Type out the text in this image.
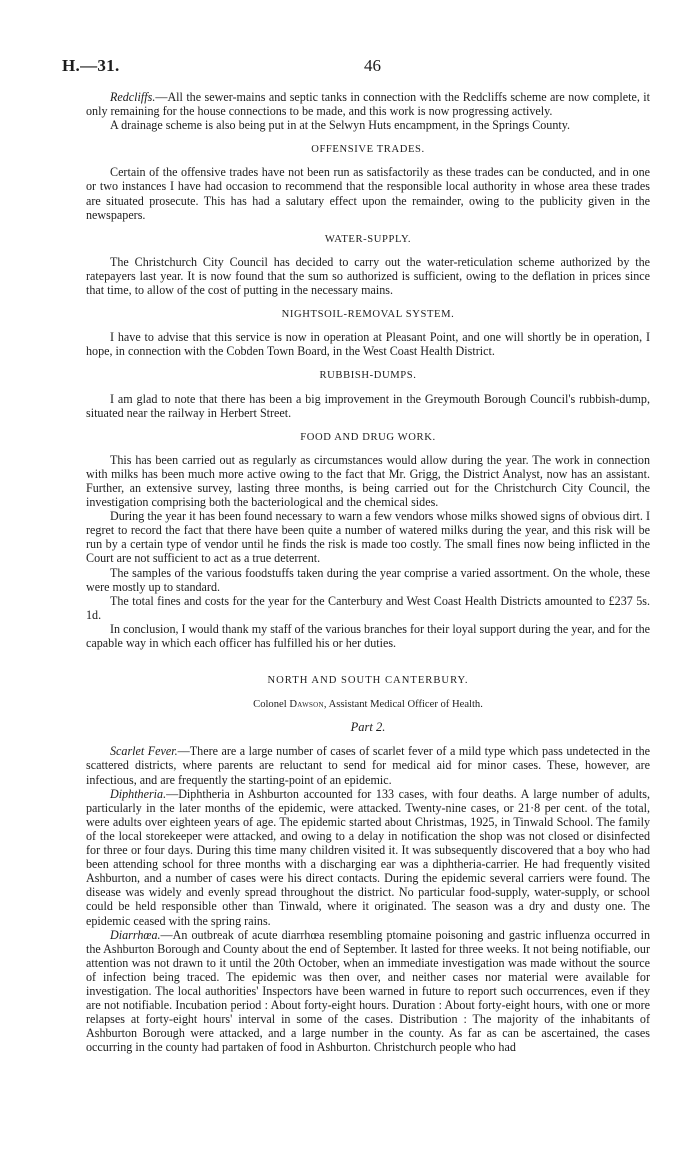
H.—31.	46

Redcliffs.—All the sewer-mains and septic tanks in connection with the Redcliffs scheme are now complete, it only remaining for the house connections to be made, and this work is now progressing actively.

A drainage scheme is also being put in at the Selwyn Huts encampment, in the Springs County.

OFFENSIVE TRADES.

Certain of the offensive trades have not been run as satisfactorily as these trades can be conducted, and in one or two instances I have had occasion to recommend that the responsible local authority in whose area these trades are situated prosecute. This has had a salutary effect upon the remainder, owing to the publicity given in the newspapers.

WATER-SUPPLY.

The Christchurch City Council has decided to carry out the water-reticulation scheme authorized by the ratepayers last year. It is now found that the sum so authorized is sufficient, owing to the deflation in prices since that time, to allow of the cost of putting in the necessary mains.

NIGHTSOIL-REMOVAL SYSTEM.

I have to advise that this service is now in operation at Pleasant Point, and one will shortly be in operation, I hope, in connection with the Cobden Town Board, in the West Coast Health District.

RUBBISH-DUMPS.

I am glad to note that there has been a big improvement in the Greymouth Borough Council's rubbish-dump, situated near the railway in Herbert Street.

FOOD AND DRUG WORK.

This has been carried out as regularly as circumstances would allow during the year. The work in connection with milks has been much more active owing to the fact that Mr. Grigg, the District Analyst, now has an assistant. Further, an extensive survey, lasting three months, is being carried out for the Christchurch City Council, the investigation comprising both the bacteriological and the chemical sides.

During the year it has been found necessary to warn a few vendors whose milks showed signs of obvious dirt. I regret to record the fact that there have been quite a number of watered milks during the year, and this risk will be run by a certain type of vendor until he finds the risk is made too costly. The small fines now being inflicted in the Court are not sufficient to act as a true deterrent.

The samples of the various foodstuffs taken during the year comprise a varied assortment. On the whole, these were mostly up to standard.

The total fines and costs for the year for the Canterbury and West Coast Health Districts amounted to £237 5s. 1d.

In conclusion, I would thank my staff of the various branches for their loyal support during the year, and for the capable way in which each officer has fulfilled his or her duties.

NORTH AND SOUTH CANTERBURY.
Colonel Dawson, Assistant Medical Officer of Health.
Part 2.

Scarlet Fever.—There are a large number of cases of scarlet fever of a mild type which pass undetected in the scattered districts, where parents are reluctant to send for medical aid for minor cases. These, however, are infectious, and are frequently the starting-point of an epidemic.

Diphtheria.—Diphtheria in Ashburton accounted for 133 cases, with four deaths. A large number of adults, particularly in the later months of the epidemic, were attacked. Twenty-nine cases, or 21·8 per cent. of the total, were adults over eighteen years of age. The epidemic started about Christmas, 1925, in Tinwald School. The family of the local storekeeper were attacked, and owing to a delay in notification the shop was not closed or disinfected for three or four days. During this time many children visited it. It was subsequently discovered that a boy who had been attending school for three months with a discharging ear was a diphtheria-carrier. He had frequently visited Ashburton, and a number of cases were his direct contacts. During the epidemic several carriers were found. The disease was widely and evenly spread throughout the district. No particular food-supply, water-supply, or school could be held responsible other than Tinwald, where it originated. The season was a dry and dusty one. The epidemic ceased with the spring rains.

Diarrhœa.—An outbreak of acute diarrhœa resembling ptomaine poisoning and gastric influenza occurred in the Ashburton Borough and County about the end of September. It lasted for three weeks. It not being notifiable, our attention was not drawn to it until the 20th October, when an immediate investigation was made without the source of infection being traced. The epidemic was then over, and neither cases nor material were available for investigation. The local authorities' Inspectors have been warned in future to report such occurrences, even if they are not notifiable. Incubation period : About forty-eight hours. Duration : About forty-eight hours, with one or more relapses at forty-eight hours' interval in some of the cases. Distribution : The majority of the inhabitants of Ashburton Borough were attacked, and a large number in the county. As far as can be ascertained, the cases occurring in the county had partaken of food in Ashburton. Christchurch people who had
